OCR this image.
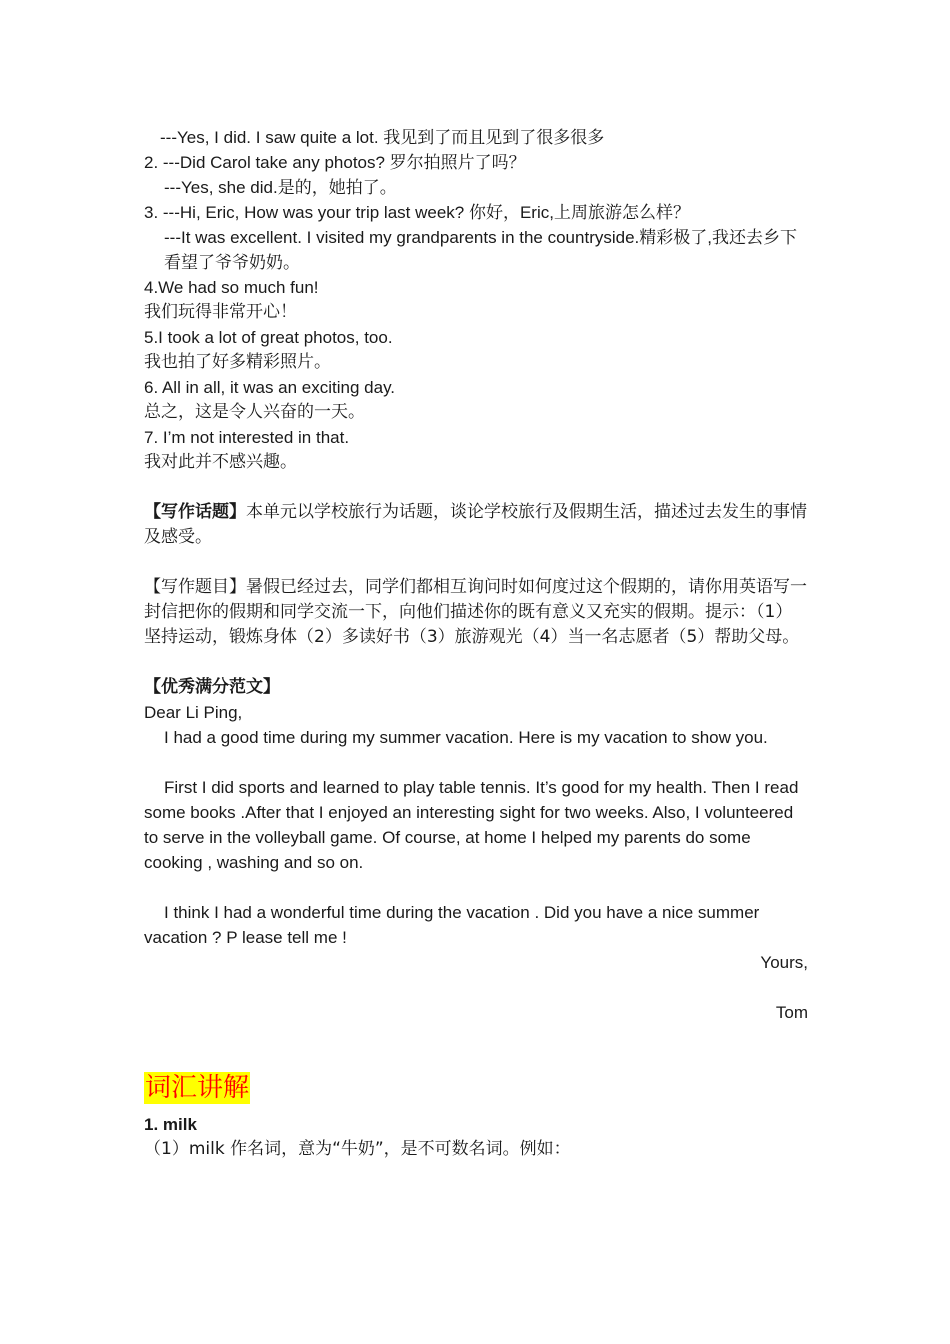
---Yes, I did. I saw quite a lot. 我见到了而且见到了很多很多
2. ---Did Carol take any photos? 罗尔拍照片了吗？
---Yes, she did.是的，她拍了。
3. ---Hi, Eric, How was your trip last week? 你好，Eric,上周旅游怎么样？
---It was excellent. I visited my grandparents in the countryside.精彩极了,我还去乡下看望了爷爷奶奶。
4.We had so much fun!
我们玩得非常开心！
5.I took a lot of great photos, too.
我也拍了好多精彩照片。
6. All in all, it was an exciting day.
总之，这是令人兴奋的一天。
7. I’m not interested in that.
我对此并不感兴趣。
【写作话题】本单元以学校旅行为话题，谈论学校旅行及假期生活，描述过去发生的事情及感受。
【写作题目】暑假已经过去，同学们都相互询问时如何度过这个假期的，请你用英语写一封信把你的假期和同学交流一下，向他们描述你的既有意义又充实的假期。提示：（1）坚持运动，锻炼身体（2）多读好书（3）旅游观光（4）当一名志愿者（5）帮助父母。
【优秀满分范文】
Dear Li Ping,
I had a good time during my summer vacation. Here is my vacation to show you.
First I did sports and learned to play table tennis. It’s good for my health. Then I read some books .After that I enjoyed an interesting sight for two weeks. Also, I volunteered to serve in the volleyball game. Of course, at home I helped my parents do some cooking , washing and so on.
I think I had a wonderful time during the vacation . Did you have a nice summer vacation ? P lease tell me !
Yours,
Tom
词汇讲解
1. milk
（1）milk 作名词，意为“牛奶”，是不可数名词。例如：
